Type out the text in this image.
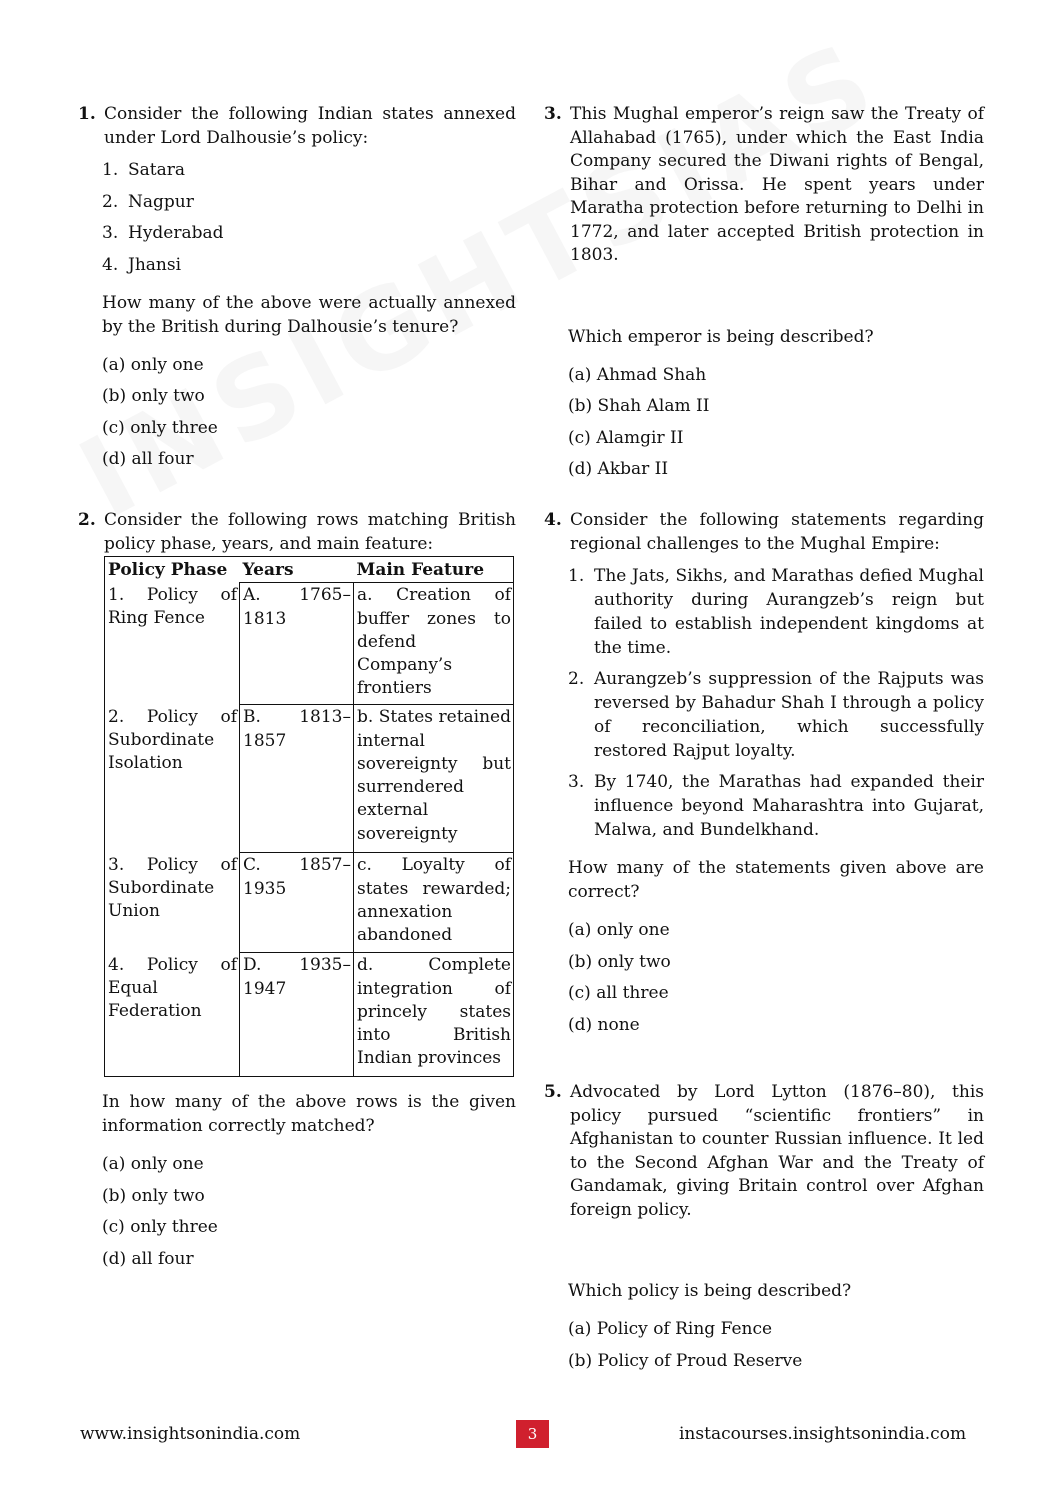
1. Consider the following Indian states annexed under Lord Dalhousie’s policy:
1. Satara
2. Nagpur
3. Hyderabad
4. Jhansi

How many of the above were actually annexed by the British during Dalhousie’s tenure?

(a) only one
(b) only two
(c) only three
(d) all four
2. Consider the following rows matching British policy phase, years, and main feature:
Policy Phase	Years	Main Feature
1. Policy of Ring Fence	A. 1765–1813	a. Creation of buffer zones to defend Company’s frontiers
2. Policy of Subordinate Isolation	B. 1813–1857	b. States retained internal sovereignty but surrendered external sovereignty
3. Policy of Subordinate Union	C. 1857–1935	c. Loyalty of states rewarded; annexation abandoned
4. Policy of Equal Federation	D. 1935–1947	d. Complete integration of princely states into British Indian provinces

In how many of the above rows is the given information correctly matched?

(a) only one
(b) only two
(c) only three
(d) all four
3. This Mughal emperor’s reign saw the Treaty of Allahabad (1765), under which the East India Company secured the Diwani rights of Bengal, Bihar and Orissa. He spent years under Maratha protection before returning to Delhi in 1772, and later accepted British protection in 1803.

Which emperor is being described?

(a) Ahmad Shah
(b) Shah Alam II
(c) Alamgir II
(d) Akbar II
4. Consider the following statements regarding regional challenges to the Mughal Empire:
1. The Jats, Sikhs, and Marathas defied Mughal authority during Aurangzeb’s reign but failed to establish independent kingdoms at the time.
2. Aurangzeb’s suppression of the Rajputs was reversed by Bahadur Shah I through a policy of reconciliation, which successfully restored Rajput loyalty.
3. By 1740, the Marathas had expanded their influence beyond Maharashtra into Gujarat, Malwa, and Bundelkhand.

How many of the statements given above are correct?

(a) only one
(b) only two
(c) all three
(d) none
5. Advocated by Lord Lytton (1876–80), this policy pursued “scientific frontiers” in Afghanistan to counter Russian influence. It led to the Second Afghan War and the Treaty of Gandamak, giving Britain control over Afghan foreign policy.

Which policy is being described?

(a) Policy of Ring Fence
(b) Policy of Proud Reserve
www.insightsonindia.com	3	instacourses.insightsonindia.com
